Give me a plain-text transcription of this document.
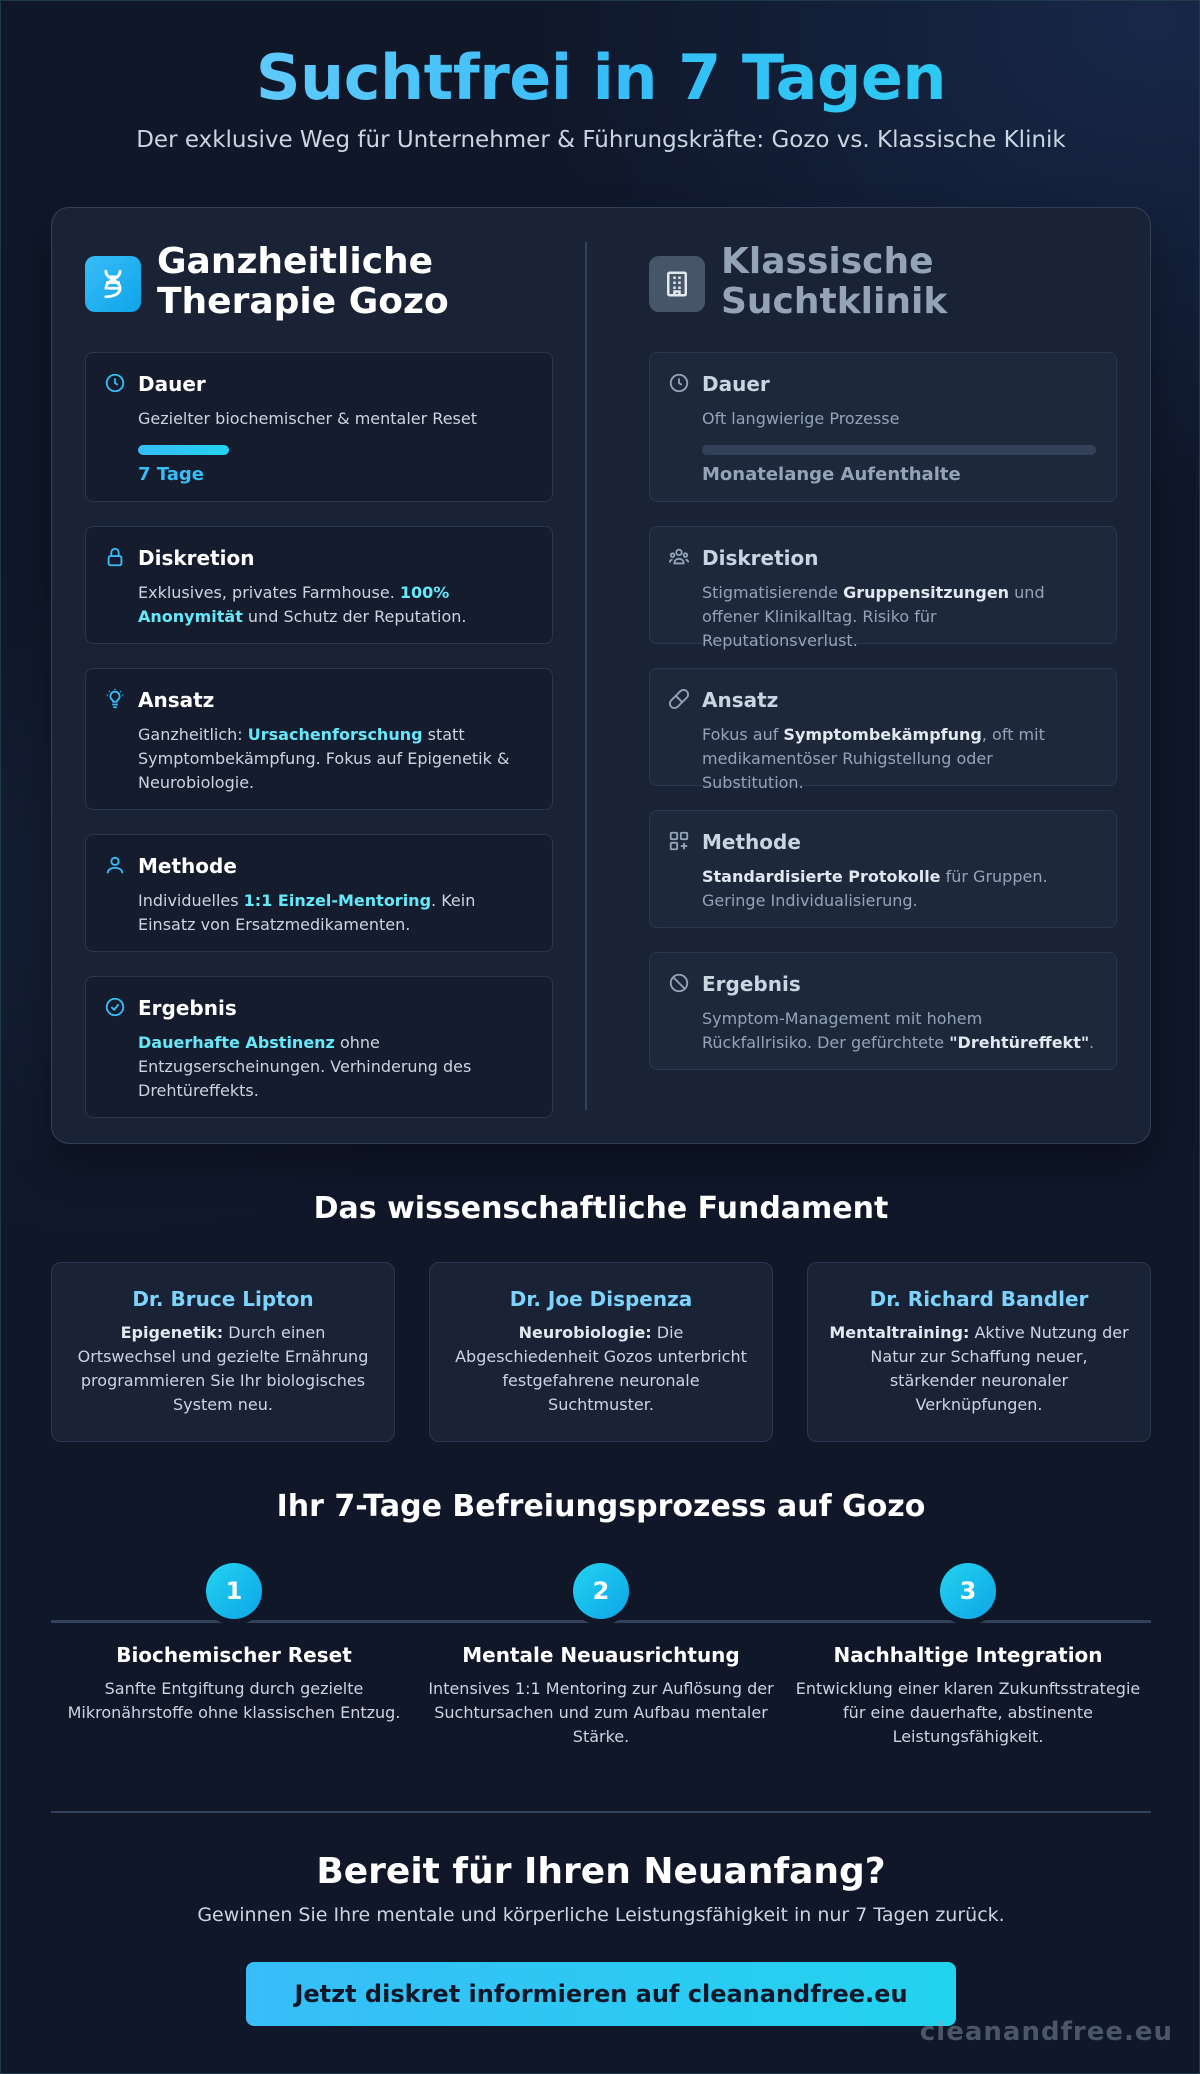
Suchtfrei in 7 Tagen
Der exklusive Weg für Unternehmer & Führungskräfte: Gozo vs. Klassische Klinik
Ganzheitliche
Therapie Gozo
Dauer
Gezielter biochemischer & mentaler Reset
7 Tage
Diskretion
Exklusives, privates Farmhouse. 100% Anonymität und Schutz der Reputation.
Ansatz
Ganzheitlich: Ursachenforschung statt Symptombekämpfung. Fokus auf Epigenetik & Neurobiologie.
Methode
Individuelles 1:1 Einzel-Mentoring. Kein Einsatz von Ersatzmedikamenten.
Ergebnis
Dauerhafte Abstinenz ohne Entzugserscheinungen. Verhinderung des Drehtüreffekts.
Klassische
Suchtklinik
Dauer
Oft langwierige Prozesse
Monatelange Aufenthalte
Diskretion
Stigmatisierende Gruppensitzungen und offener Klinikalltag. Risiko für Reputationsverlust.
Ansatz
Fokus auf Symptombekämpfung, oft mit medikamentöser Ruhigstellung oder Substitution.
Methode
Standardisierte Protokolle für Gruppen. Geringe Individualisierung.
Ergebnis
Symptom-Management mit hohem Rückfallrisiko. Der gefürchtete "Drehtüreffekt".
Das wissenschaftliche Fundament
Dr. Bruce Lipton
Epigenetik: Durch einen Ortswechsel und gezielte Ernährung programmieren Sie Ihr biologisches System neu.
Dr. Joe Dispenza
Neurobiologie: Die Abgeschiedenheit Gozos unterbricht festgefahrene neuronale Suchtmuster.
Dr. Richard Bandler
Mentaltraining: Aktive Nutzung der Natur zur Schaffung neuer, stärkender neuronaler Verknüpfungen.
Ihr 7-Tage Befreiungsprozess auf Gozo
1
Biochemischer Reset
Sanfte Entgiftung durch gezielte Mikronährstoffe ohne klassischen Entzug.
2
Mentale Neuausrichtung
Intensives 1:1 Mentoring zur Auflösung der Suchtursachen und zum Aufbau mentaler Stärke.
3
Nachhaltige Integration
Entwicklung einer klaren Zukunftsstrategie für eine dauerhafte, abstinente Leistungsfähigkeit.
Bereit für Ihren Neuanfang?
Gewinnen Sie Ihre mentale und körperliche Leistungsfähigkeit in nur 7 Tagen zurück.
Jetzt diskret informieren auf cleanandfree.eu
cleanandfree.eu
